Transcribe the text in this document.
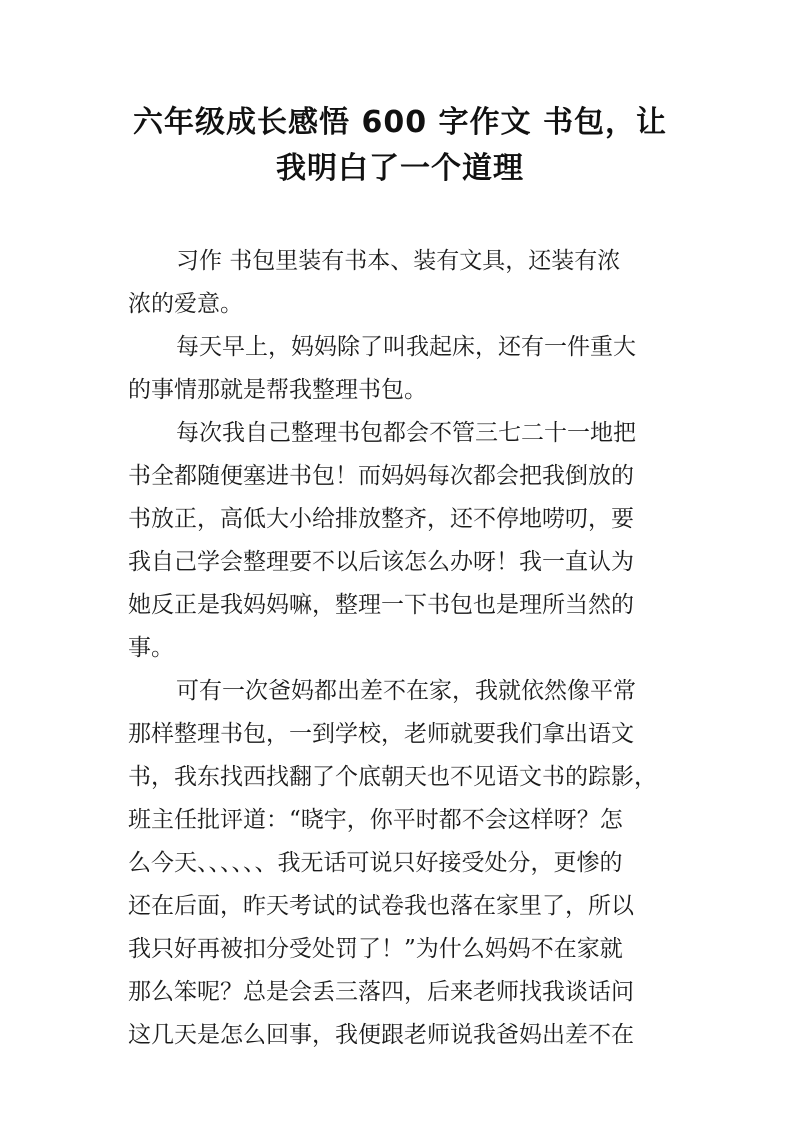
六年级成长感悟 600 字作文 书包，让
我明白了一个道理

习作 书包里装有书本、装有文具，还装有浓
浓的爱意。

每天早上，妈妈除了叫我起床，还有一件重大
的事情那就是帮我整理书包。

每次我自己整理书包都会不管三七二十一地把
书全都随便塞进书包！而妈妈每次都会把我倒放的
书放正，高低大小给排放整齐，还不停地唠叨，要
我自己学会整理要不以后该怎么办呀！我一直认为
她反正是我妈妈嘛，整理一下书包也是理所当然的
事。

可有一次爸妈都出差不在家，我就依然像平常
那样整理书包，一到学校，老师就要我们拿出语文
书，我东找西找翻了个底朝天也不见语文书的踪影，
班主任批评道：“晓宇，你平时都不会这样呀？怎
么今天、、、、、、我无话可说只好接受处分，更惨的
还在后面，昨天考试的试卷我也落在家里了，所以
我只好再被扣分受处罚了！”为什么妈妈不在家就
那么笨呢？总是会丢三落四，后来老师找我谈话问
这几天是怎么回事，我便跟老师说我爸妈出差不在
